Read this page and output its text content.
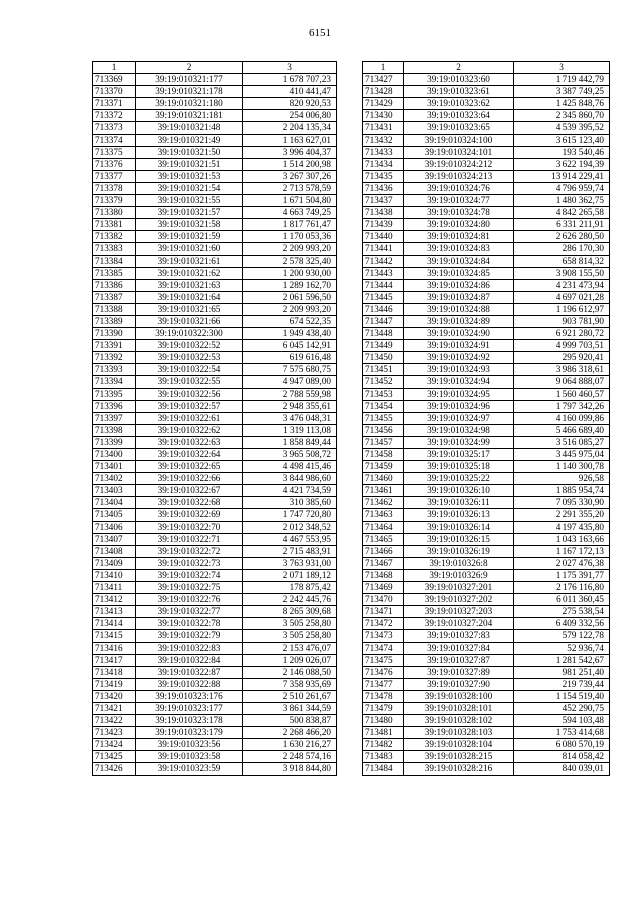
6151
1	2	3
713369	39:19:010321:177	1 678 707,23
713370	39:19:010321:178	410 441,47
713371	39:19:010321:180	820 920,53
713372	39:19:010321:181	254 006,80
713373	39:19:010321:48	2 204 135,34
713374	39:19:010321:49	1 163 627,01
713375	39:19:010321:50	3 996 404,37
713376	39:19:010321:51	1 514 200,98
713377	39:19:010321:53	3 267 307,26
713378	39:19:010321:54	2 713 578,59
713379	39:19:010321:55	1 671 504,80
713380	39:19:010321:57	4 663 749,25
713381	39:19:010321:58	1 817 761,47
713382	39:19:010321:59	1 170 053,36
713383	39:19:010321:60	2 209 993,20
713384	39:19:010321:61	2 578 325,40
713385	39:19:010321:62	1 200 930,00
713386	39:19:010321:63	1 289 162,70
713387	39:19:010321:64	2 061 596,50
713388	39:19:010321:65	2 209 993,20
713389	39:19:010321:66	674 522,35
713390	39:19:010322:300	1 949 438,40
713391	39:19:010322:52	6 045 142,91
713392	39:19:010322:53	619 616,48
713393	39:19:010322:54	7 575 680,75
713394	39:19:010322:55	4 947 089,00
713395	39:19:010322:56	2 788 559,98
713396	39:19:010322:57	2 948 355,61
713397	39:19:010322:61	3 476 048,31
713398	39:19:010322:62	1 319 113,08
713399	39:19:010322:63	1 858 849,44
713400	39:19:010322:64	3 965 508,72
713401	39:19:010322:65	4 498 415,46
713402	39:19:010322:66	3 844 986,60
713403	39:19:010322:67	4 421 734,59
713404	39:19:010322:68	310 385,60
713405	39:19:010322:69	1 747 720,80
713406	39:19:010322:70	2 012 348,52
713407	39:19:010322:71	4 467 553,95
713408	39:19:010322:72	2 715 483,91
713409	39:19:010322:73	3 763 931,00
713410	39:19:010322:74	2 071 189,12
713411	39:19:010322:75	178 875,42
713412	39:19:010322:76	2 242 445,76
713413	39:19:010322:77	8 265 309,68
713414	39:19:010322:78	3 505 258,80
713415	39:19:010322:79	3 505 258,80
713416	39:19:010322:83	2 153 476,07
713417	39:19:010322:84	1 209 026,07
713418	39:19:010322:87	2 146 088,50
713419	39:19:010322:88	7 358 935,69
713420	39:19:010323:176	2 510 261,67
713421	39:19:010323:177	3 861 344,59
713422	39:19:010323:178	500 838,87
713423	39:19:010323:179	2 268 466,20
713424	39:19:010323:56	1 630 216,27
713425	39:19:010323:58	2 248 574,16
713426	39:19:010323:59	3 918 844,80
1	2	3
713427	39:19:010323:60	1 719 442,79
713428	39:19:010323:61	3 387 749,25
713429	39:19:010323:62	1 425 848,76
713430	39:19:010323:64	2 345 860,70
713431	39:19:010323:65	4 539 395,52
713432	39:19:010324:100	3 615 123,40
713433	39:19:010324:101	193 540,46
713434	39:19:010324:212	3 622 194,39
713435	39:19:010324:213	13 914 229,41
713436	39:19:010324:76	4 796 959,74
713437	39:19:010324:77	1 480 362,75
713438	39:19:010324:78	4 842 265,58
713439	39:19:010324:80	6 331 211,91
713440	39:19:010324:81	2 626 280,50
713441	39:19:010324:83	286 170,30
713442	39:19:010324:84	658 814,32
713443	39:19:010324:85	3 908 155,50
713444	39:19:010324:86	4 231 473,94
713445	39:19:010324:87	4 697 021,28
713446	39:19:010324:88	1 196 612,97
713447	39:19:010324:89	903 781,90
713448	39:19:010324:90	6 921 280,72
713449	39:19:010324:91	4 999 703,51
713450	39:19:010324:92	295 920,41
713451	39:19:010324:93	3 986 318,61
713452	39:19:010324:94	9 064 888,07
713453	39:19:010324:95	1 560 460,57
713454	39:19:010324:96	1 797 342,26
713455	39:19:010324:97	4 160 099,86
713456	39:19:010324:98	5 466 689,40
713457	39:19:010324:99	3 516 085,27
713458	39:19:010325:17	3 445 975,04
713459	39:19:010325:18	1 140 300,78
713460	39:19:010325:22	926,58
713461	39:19:010326:10	1 885 954,74
713462	39:19:010326:11	7 095 330,90
713463	39:19:010326:13	2 291 355,20
713464	39:19:010326:14	4 197 435,80
713465	39:19:010326:15	1 043 163,66
713466	39:19:010326:19	1 167 172,13
713467	39:19:010326:8	2 027 476,38
713468	39:19:010326:9	1 175 391,77
713469	39:19:010327:201	2 176 116,80
713470	39:19:010327:202	6 011 360,45
713471	39:19:010327:203	275 538,54
713472	39:19:010327:204	6 409 332,56
713473	39:19:010327:83	579 122,78
713474	39:19:010327:84	52 936,74
713475	39:19:010327:87	1 281 542,67
713476	39:19:010327:89	981 251,40
713477	39:19:010327:90	219 739,44
713478	39:19:010328:100	1 154 519,40
713479	39:19:010328:101	452 290,75
713480	39:19:010328:102	594 103,48
713481	39:19:010328:103	1 753 414,68
713482	39:19:010328:104	6 080 570,19
713483	39:19:010328:215	814 058,42
713484	39:19:010328:216	840 039,01
